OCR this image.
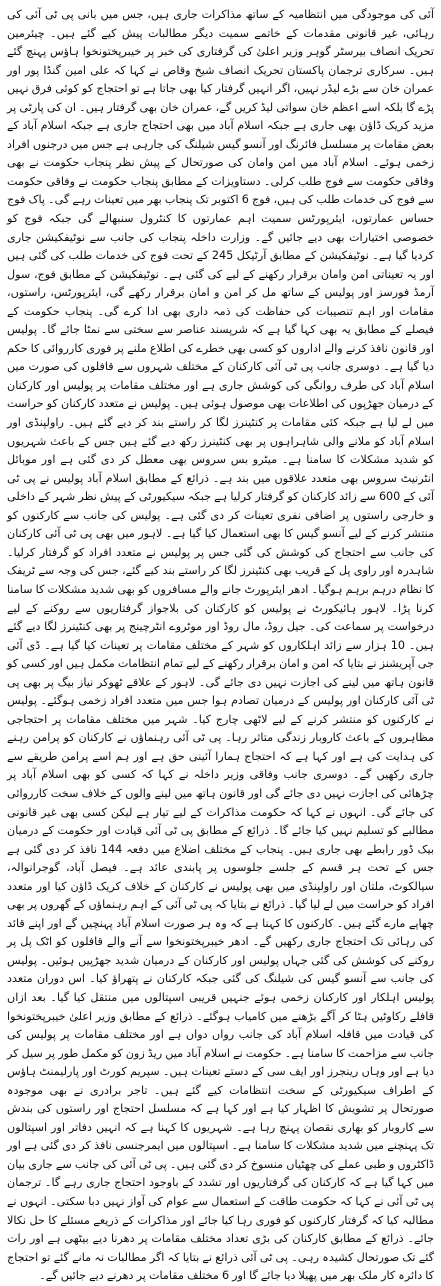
آئی کی موجودگی میں انتظامیہ کے ساتھ مذاکرات جاری ہیں، جس میں بانی پی ٹی آئی کی رہائی، غیر قانونی مقدمات کے خاتمے سمیت دیگر مطالبات پیش کیے گئے ہیں۔ چیئرمین تحریک انصاف بیرسٹر گوہر وزیر اعلیٰ کی گرفتاری کی خبر پر خیبرپختونخوا ہاؤس پہنچ گئے ہیں۔ سرکاری ترجمان پاکستان تحریک انصاف شیخ وقاص نے کہا کہ علی امین گنڈا پور اور عمران خان سے بڑے لیڈر نہیں، اگر انہیں گرفتار کیا بھی جاتا ہے تو احتجاج کو کوئی فرق نہیں پڑے گا بلکہ اسے اعظم خان سواتی لیڈ کریں گے، عمران خان بھی گرفتار ہیں۔ ان کی پارٹی پر مزید کریک ڈاؤن بھی جاری ہے جبکہ اسلام آباد میں بھی احتجاج جاری ہے جبکہ اسلام آباد کے بعض مقامات پر مسلسل فائرنگ اور آنسو گیس شیلنگ کی جارہی ہے جس میں درجنوں افراد زخمی ہوئے۔ اسلام آباد میں امن وامان کی صورتحال کے پیش نظر پنجاب حکومت نے بھی وفاقی حکومت سے فوج طلب کرلی۔ دستاویزات کے مطابق پنجاب حکومت نے وفاقی حکومت سے فوج کی خدمات طلب کی ہیں، فوج 6 اکتوبر تک پنجاب بھر میں تعینات رہے گی۔ پاک فوج حساس عمارتوں، ایئرپورٹس سمیت اہم عمارتوں کا کنٹرول سنبھالے گی جبکہ فوج کو خصوصی اختیارات بھی دیے جائیں گے۔ وزارت داخلہ پنجاب کی جانب سے نوٹیفکیشن جاری کردیا گیا ہے۔ نوٹیفکیشن کے مطابق آرٹیکل 245 کے تحت فوج کی خدمات طلب کی گئی ہیں اور یہ تعیناتی امن وامان برقرار رکھنے کے لیے کی گئی ہے۔ نوٹیفکیشن کے مطابق فوج، سول آرمڈ فورسز اور پولیس کے ساتھ مل کر امن و امان برقرار رکھے گی، ایئرپورٹس، راستوں، مقامات اور اہم تنصیبات کی حفاظت کی ذمہ داری بھی ادا کرے گی۔ پنجاب حکومت کے فیصلے کے مطابق یہ بھی کہا گیا ہے کہ شرپسند عناصر سے سختی سے نمٹا جائے گا۔ پولیس اور قانون نافذ کرنے والے اداروں کو کسی بھی خطرے کی اطلاع ملنے پر فوری کارروائی کا حکم دیا گیا ہے۔ دوسری جانب پی ٹی آئی کارکنان کے مختلف شہروں سے قافلوں کی صورت میں اسلام آباد کی طرف روانگی کی کوشش جاری ہے اور مختلف مقامات پر پولیس اور کارکنان کے درمیان جھڑپوں کی اطلاعات بھی موصول ہوئی ہیں۔ پولیس نے متعدد کارکنان کو حراست میں لے لیا ہے جبکہ کئی مقامات پر کنٹینرز لگا کر راستے بند کر دیے گئے ہیں۔ راولپنڈی اور اسلام آباد کو ملانے والی شاہراہوں پر بھی کنٹینرز رکھ دیے گئے ہیں جس کے باعث شہریوں کو شدید مشکلات کا سامنا ہے۔ میٹرو بس سروس بھی معطل کر دی گئی ہے اور موبائل انٹرنیٹ سروس بھی متعدد علاقوں میں بند ہے۔ ذرائع کے مطابق اسلام آباد پولیس نے پی ٹی آئی کے 600 سے زائد کارکنان کو گرفتار کرلیا ہے جبکہ سیکیورٹی کے پیش نظر شہر کے داخلی و خارجی راستوں پر اضافی نفری تعینات کر دی گئی ہے۔ پولیس کی جانب سے کارکنوں کو منتشر کرنے کے لیے آنسو گیس کا بھی استعمال کیا گیا ہے۔ لاہور میں بھی پی ٹی آئی کارکنان کی جانب سے احتجاج کی کوشش کی گئی جس پر پولیس نے متعدد افراد کو گرفتار کرلیا۔ شاہدرہ اور راوی پل کے قریب بھی کنٹینرز لگا کر راستے بند کیے گئے، جس کی وجہ سے ٹریفک کا نظام درہم برہم ہوگیا۔ ادھر ایئرپورٹ جانے والے مسافروں کو بھی شدید مشکلات کا سامنا کرنا پڑا۔ لاہور ہائیکورٹ نے پولیس کو کارکنان کی بلاجواز گرفتاریوں سے روکنے کے لیے درخواست پر سماعت کی۔ جیل روڈ، مال روڈ اور موٹروے انٹرچینج پر بھی کنٹینرز لگا دیے گئے ہیں۔ 10 ہزار سے زائد اہلکاروں کو شہر کے مختلف مقامات پر تعینات کیا گیا ہے۔ ڈی آئی جی آپریشنز نے بتایا کہ امن و امان برقرار رکھنے کے لیے تمام انتظامات مکمل ہیں اور کسی کو قانون ہاتھ میں لینے کی اجازت نہیں دی جائے گی۔ لاہور کے علاقے ٹھوکر نیاز بیگ پر بھی پی ٹی آئی کارکنان اور پولیس کے درمیان تصادم ہوا جس میں متعدد افراد زخمی ہوگئے۔ پولیس نے کارکنوں کو منتشر کرنے کے لیے لاٹھی چارج کیا۔ شہر میں مختلف مقامات پر احتجاجی مظاہروں کے باعث کاروبار زندگی متاثر رہا۔ پی ٹی آئی رہنماؤں نے کارکنان کو پرامن رہنے کی ہدایت کی ہے اور کہا ہے کہ احتجاج ہمارا آئینی حق ہے اور ہم اسے پرامن طریقے سے جاری رکھیں گے۔ دوسری جانب وفاقی وزیر داخلہ نے کہا کہ کسی کو بھی اسلام آباد پر چڑھائی کی اجازت نہیں دی جائے گی اور قانون ہاتھ میں لینے والوں کے خلاف سخت کارروائی کی جائے گی۔ انہوں نے کہا کہ حکومت مذاکرات کے لیے تیار ہے لیکن کسی بھی غیر قانونی مطالبے کو تسلیم نہیں کیا جائے گا۔ ذرائع کے مطابق پی ٹی آئی قیادت اور حکومت کے درمیان بیک ڈور رابطے بھی جاری ہیں۔ پنجاب کے مختلف اضلاع میں دفعہ 144 نافذ کر دی گئی ہے جس کے تحت ہر قسم کے جلسے جلوسوں پر پابندی عائد ہے۔ فیصل آباد، گوجرانوالہ، سیالکوٹ، ملتان اور راولپنڈی میں بھی پولیس نے کارکنان کے خلاف کریک ڈاؤن کیا اور متعدد افراد کو حراست میں لے لیا گیا۔ ذرائع نے بتایا کہ پی ٹی آئی کے اہم رہنماؤں کے گھروں پر بھی چھاپے مارے گئے ہیں۔ کارکنوں کا کہنا ہے کہ وہ ہر صورت اسلام آباد پہنچیں گے اور اپنے قائد کی رہائی تک احتجاج جاری رکھیں گے۔ ادھر خیبرپختونخوا سے آنے والے قافلوں کو اٹک پل پر روکنے کی کوشش کی گئی جہاں پولیس اور کارکنان کے درمیان شدید جھڑپیں ہوئیں۔ پولیس کی جانب سے آنسو گیس کی شیلنگ کی گئی جبکہ کارکنان نے پتھراؤ کیا۔ اس دوران متعدد پولیس اہلکار اور کارکنان زخمی ہوئے جنہیں قریبی اسپتالوں میں منتقل کیا گیا۔ بعد ازاں قافلے رکاوٹیں ہٹا کر آگے بڑھنے میں کامیاب ہوگئے۔ ذرائع کے مطابق وزیر اعلیٰ خیبرپختونخوا کی قیادت میں قافلہ اسلام آباد کی جانب رواں دواں ہے اور مختلف مقامات پر پولیس کی جانب سے مزاحمت کا سامنا ہے۔ حکومت نے اسلام آباد میں ریڈ زون کو مکمل طور پر سیل کر دیا ہے اور وہاں رینجرز اور ایف سی کے دستے تعینات ہیں۔ سپریم کورٹ اور پارلیمنٹ ہاؤس کے اطراف سیکیورٹی کے سخت انتظامات کیے گئے ہیں۔ تاجر برادری نے بھی موجودہ صورتحال پر تشویش کا اظہار کیا ہے اور کہا ہے کہ مسلسل احتجاج اور راستوں کی بندش سے کاروبار کو بھاری نقصان پہنچ رہا ہے۔ شہریوں کا کہنا ہے کہ انہیں دفاتر اور اسپتالوں تک پہنچنے میں شدید مشکلات کا سامنا ہے۔ اسپتالوں میں ایمرجنسی نافذ کر دی گئی ہے اور ڈاکٹروں و طبی عملے کی چھٹیاں منسوخ کر دی گئی ہیں۔ پی ٹی آئی کی جانب سے جاری بیان میں کہا گیا ہے کہ کارکنان کی گرفتاریوں اور تشدد کے باوجود احتجاج جاری رہے گا۔ ترجمان پی ٹی آئی نے کہا کہ حکومت طاقت کے استعمال سے عوام کی آواز نہیں دبا سکتی۔ انہوں نے مطالبہ کیا کہ گرفتار کارکنوں کو فوری رہا کیا جائے اور مذاکرات کے ذریعے مسئلے کا حل نکالا جائے۔ ذرائع کے مطابق کارکنان کی بڑی تعداد مختلف مقامات پر دھرنا دیے بیٹھی ہے اور رات گئے تک صورتحال کشیدہ رہی۔ پی ٹی آئی ذرائع نے بتایا کہ اگر مطالبات نہ مانے گئے تو احتجاج کا دائرہ کار ملک بھر میں پھیلا دیا جائے گا اور 6 مختلف مقامات پر دھرنے دیے جائیں گے۔
